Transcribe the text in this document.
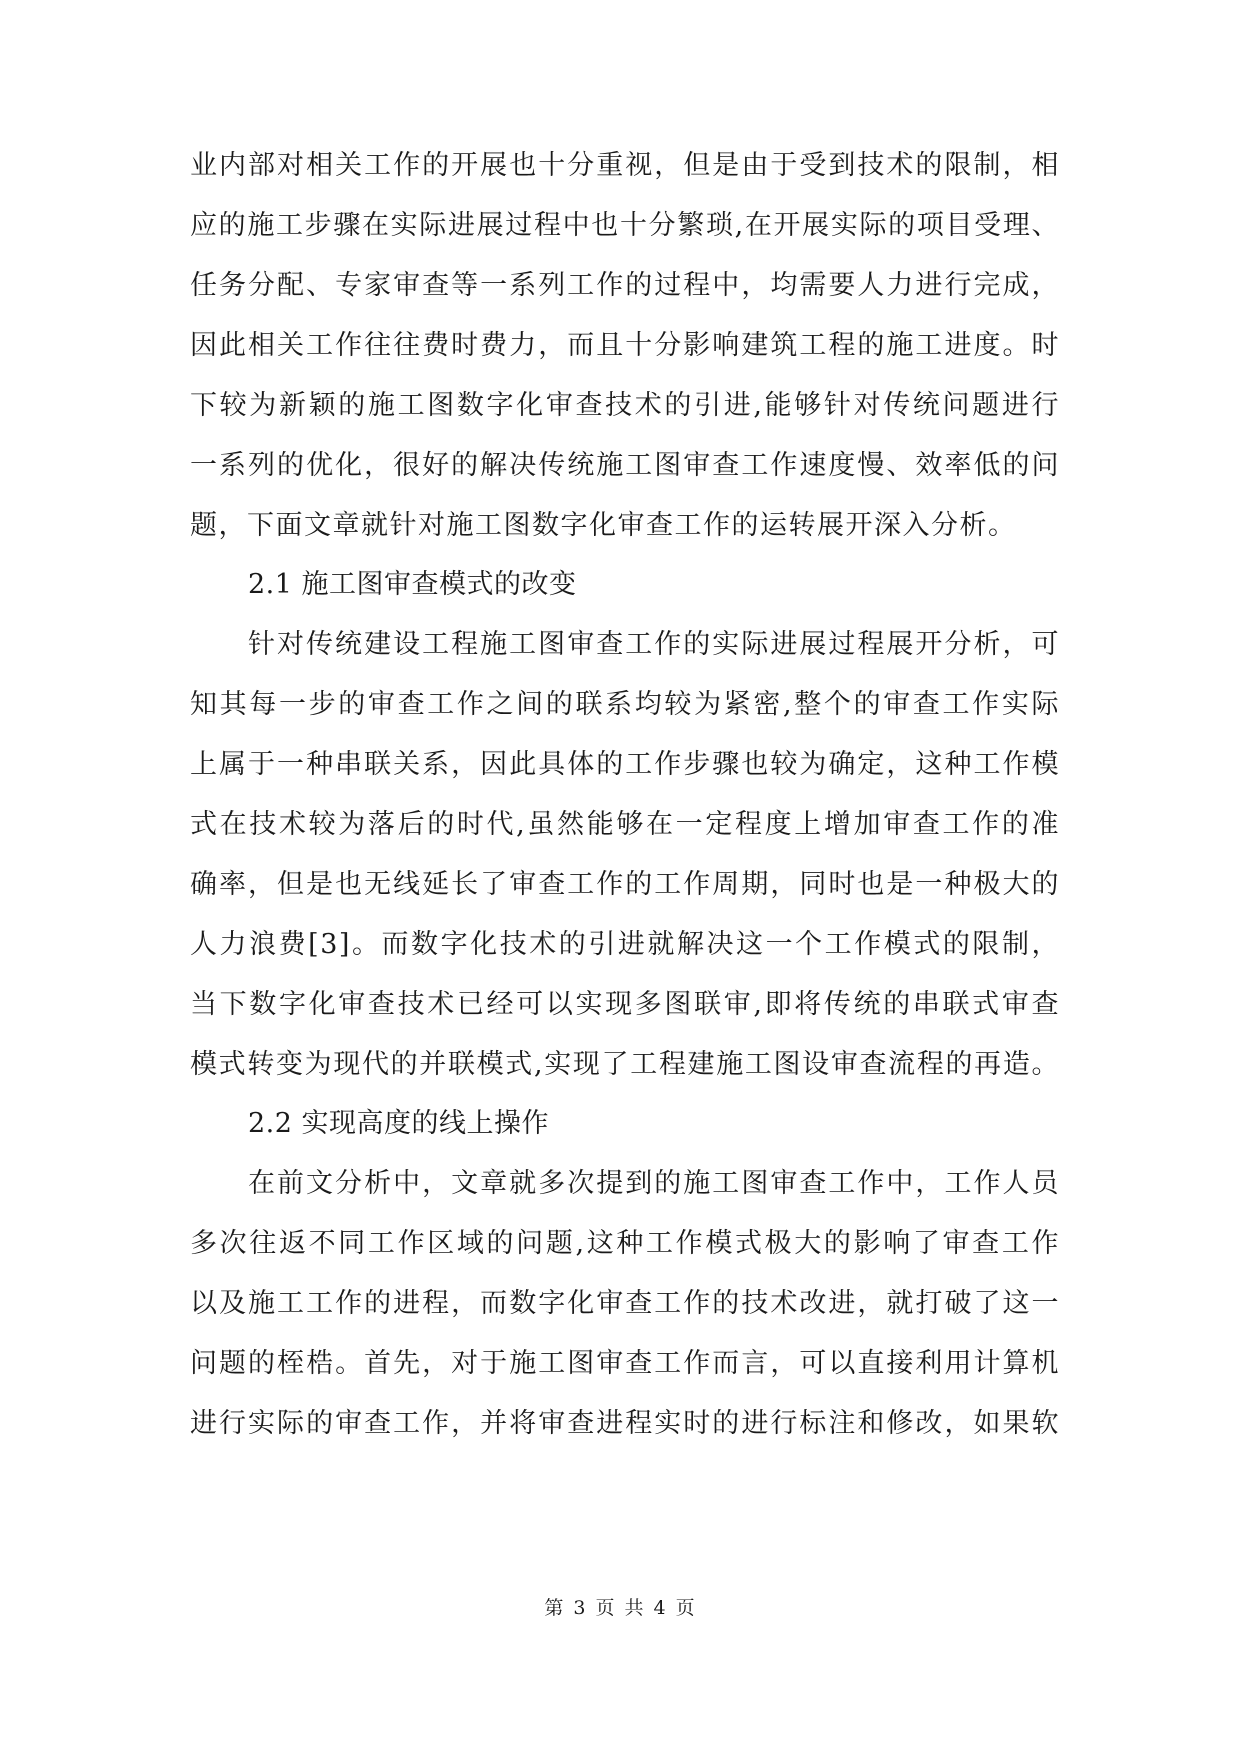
业内部对相关工作的开展也十分重视，但是由于受到技术的限制，相
应的施工步骤在实际进展过程中也十分繁琐,在开展实际的项目受理、
任务分配、专家审查等一系列工作的过程中，均需要人力进行完成，
因此相关工作往往费时费力，而且十分影响建筑工程的施工进度。时
下较为新颖的施工图数字化审查技术的引进,能够针对传统问题进行
一系列的优化，很好的解决传统施工图审查工作速度慢、效率低的问
题，下面文章就针对施工图数字化审查工作的运转展开深入分析。
2.1 施工图审查模式的改变
针对传统建设工程施工图审查工作的实际进展过程展开分析，可
知其每一步的审查工作之间的联系均较为紧密,整个的审查工作实际
上属于一种串联关系，因此具体的工作步骤也较为确定，这种工作模
式在技术较为落后的时代,虽然能够在一定程度上增加审查工作的准
确率，但是也无线延长了审查工作的工作周期，同时也是一种极大的
人力浪费[3]。而数字化技术的引进就解决这一个工作模式的限制，
当下数字化审查技术已经可以实现多图联审,即将传统的串联式审查
模式转变为现代的并联模式,实现了工程建施工图设审查流程的再造。
2.2 实现高度的线上操作
在前文分析中，文章就多次提到的施工图审查工作中，工作人员
多次往返不同工作区域的问题,这种工作模式极大的影响了审查工作
以及施工工作的进程，而数字化审查工作的技术改进，就打破了这一
问题的桎梏。首先，对于施工图审查工作而言，可以直接利用计算机
进行实际的审查工作，并将审查进程实时的进行标注和修改，如果软
第 3 页 共 4 页
